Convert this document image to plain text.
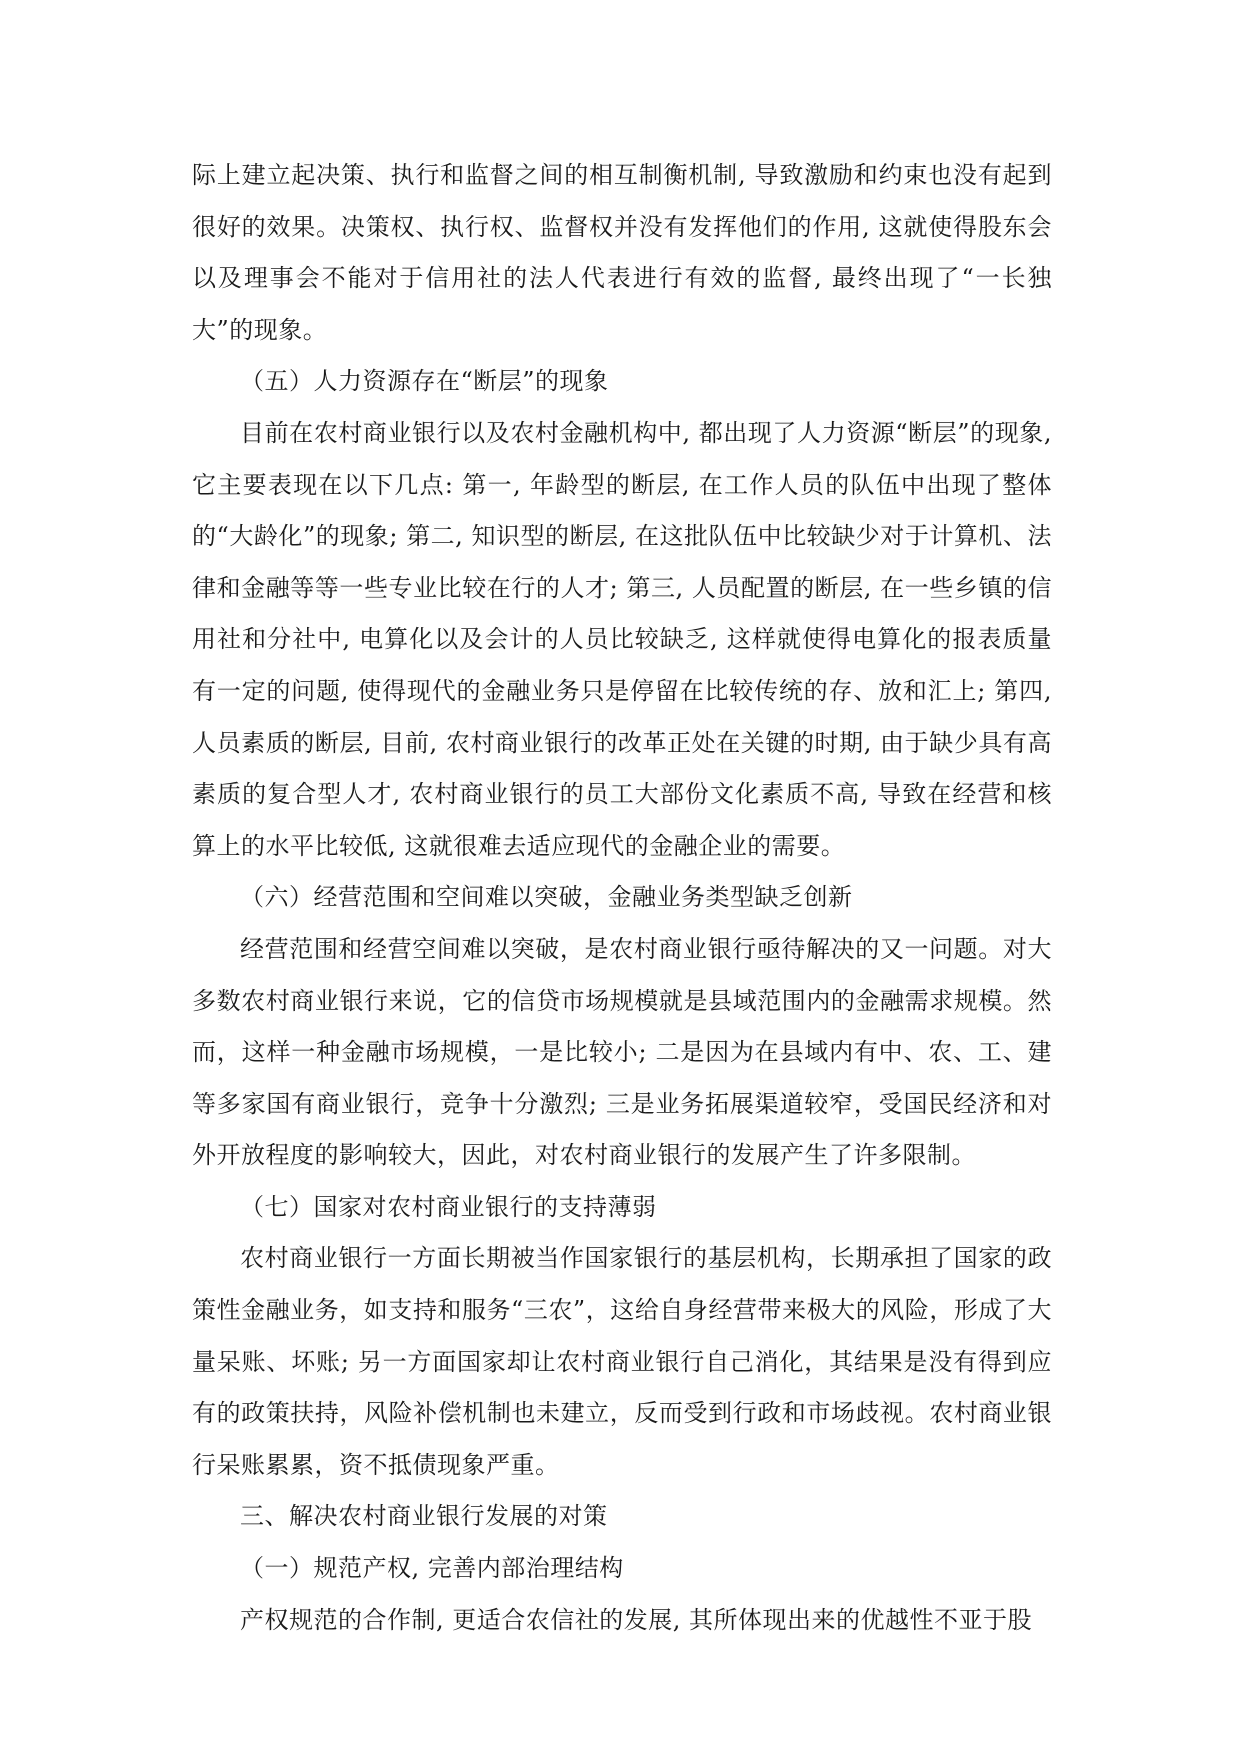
际上建立起决策、执行和监督之间的相互制衡机制, 导致激励和约束也没有起到很好的效果。决策权、执行权、监督权并没有发挥他们的作用, 这就使得股东会以及理事会不能对于信用社的法人代表进行有效的监督, 最终出现了“一长独大”的现象。

（五）人力资源存在“断层”的现象

目前在农村商业银行以及农村金融机构中, 都出现了人力资源“断层”的现象, 它主要表现在以下几点: 第一, 年龄型的断层, 在工作人员的队伍中出现了整体的“大龄化”的现象; 第二, 知识型的断层, 在这批队伍中比较缺少对于计算机、法律和金融等等一些专业比较在行的人才; 第三, 人员配置的断层, 在一些乡镇的信用社和分社中, 电算化以及会计的人员比较缺乏, 这样就使得电算化的报表质量有一定的问题, 使得现代的金融业务只是停留在比较传统的存、放和汇上; 第四, 人员素质的断层, 目前, 农村商业银行的改革正处在关键的时期, 由于缺少具有高素质的复合型人才, 农村商业银行的员工大部份文化素质不高, 导致在经营和核算上的水平比较低, 这就很难去适应现代的金融企业的需要。

（六）经营范围和空间难以突破，金融业务类型缺乏创新

经营范围和经营空间难以突破，是农村商业银行亟待解决的又一问题。对大多数农村商业银行来说，它的信贷市场规模就是县域范围内的金融需求规模。然而，这样一种金融市场规模，一是比较小; 二是因为在县域内有中、农、工、建等多家国有商业银行，竞争十分激烈; 三是业务拓展渠道较窄，受国民经济和对外开放程度的影响较大，因此，对农村商业银行的发展产生了许多限制。

（七）国家对农村商业银行的支持薄弱

农村商业银行一方面长期被当作国家银行的基层机构，长期承担了国家的政策性金融业务，如支持和服务“三农”，这给自身经营带来极大的风险，形成了大量呆账、坏账; 另一方面国家却让农村商业银行自己消化，其结果是没有得到应有的政策扶持，风险补偿机制也未建立，反而受到行政和市场歧视。农村商业银行呆账累累，资不抵债现象严重。

三、解决农村商业银行发展的对策

（一）规范产权, 完善内部治理结构

产权规范的合作制, 更适合农信社的发展, 其所体现出来的优越性不亚于股
